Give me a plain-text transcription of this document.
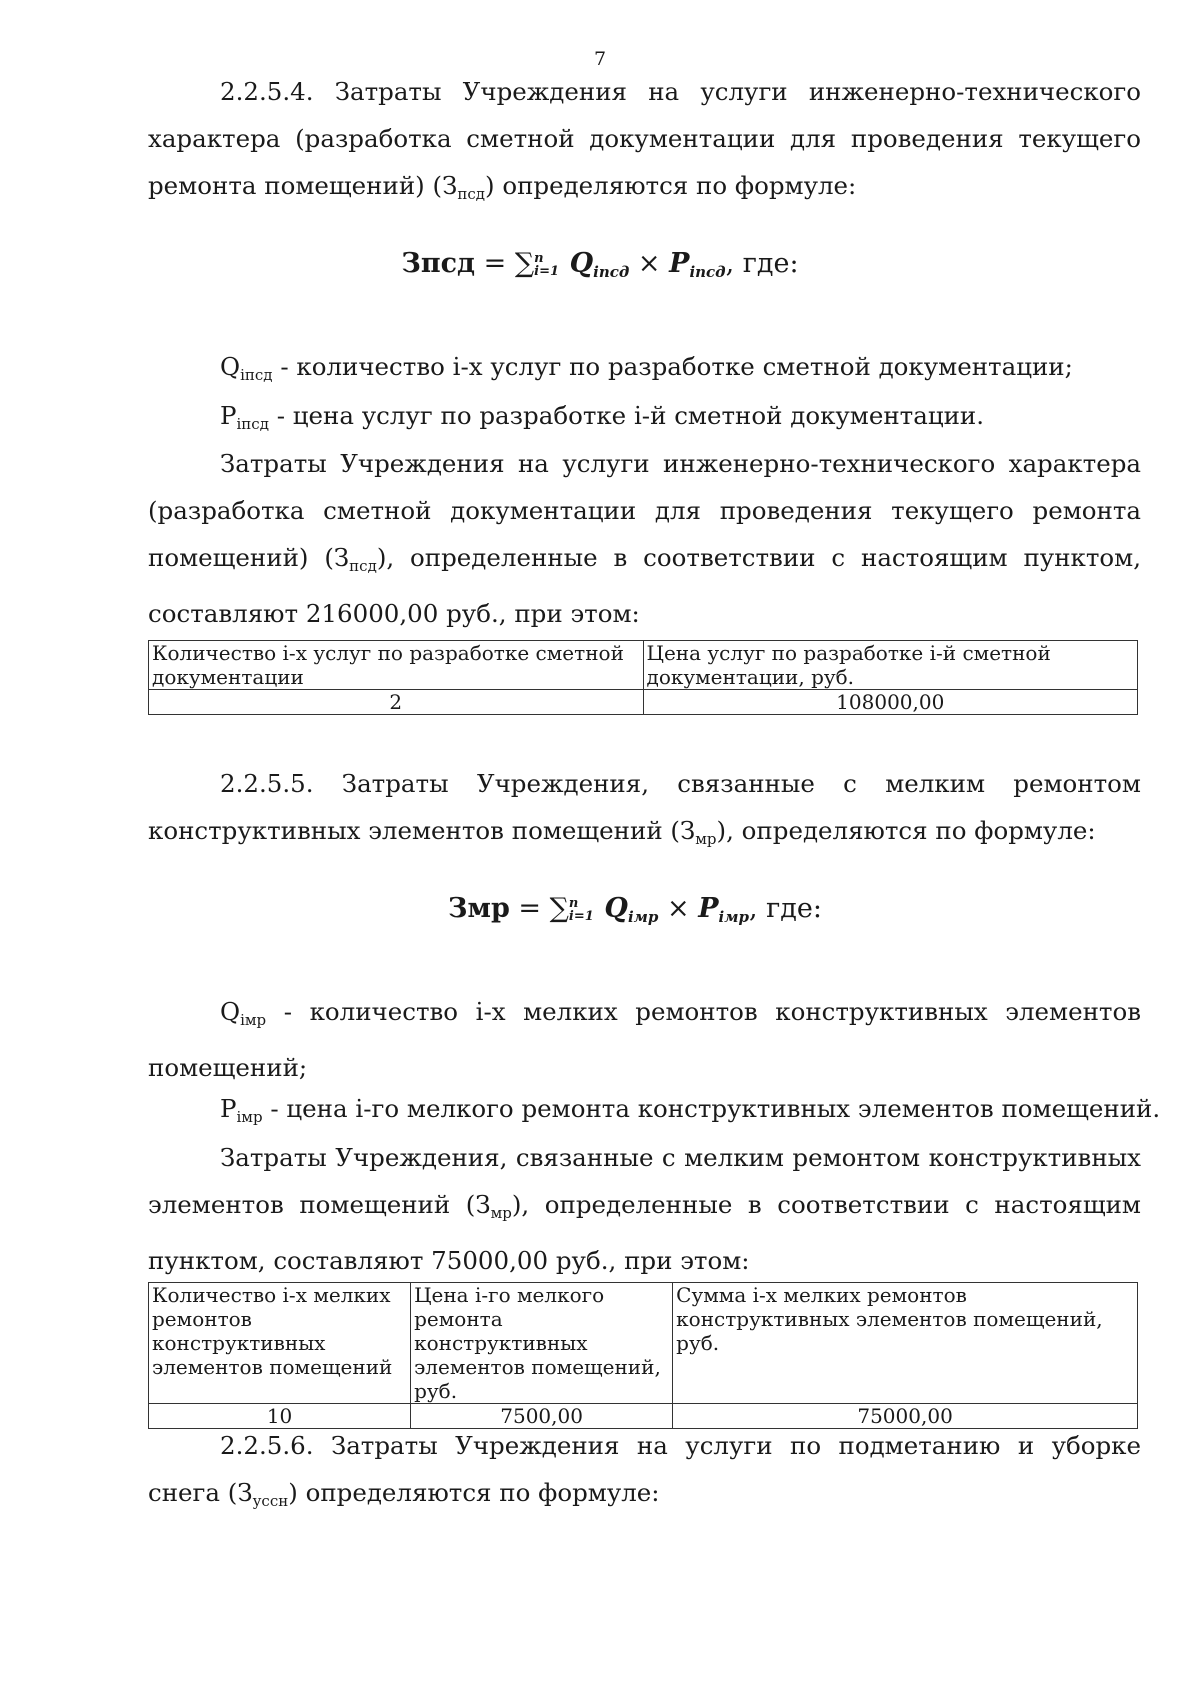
7

2.2.5.4. Затраты Учреждения на услуги инженерно-технического характера (разработка сметной документации для проведения текущего ремонта помещений) $(З_{псд})$ определяются по формуле:

Зпсд = ∑ n
i=1 $Q_{iпсд} \times P_{iпсд}$, где:
$Q_{iпсд}$ - количество i-х услуг по разработке сметной документации;
$P_{iпсд}$ - цена услуг по разработке i-й сметной документации.

Затраты Учреждения на услуги инженерно-технического характера (разработка сметной документации для проведения текущего ремонта помещений) $(З_{псд})$, определенные в соответствии с настоящим пунктом, составляют 216000,00 руб., при этом:

Количество i-х услуг по разработке сметной документации	Цена услуг по разработке i-й сметной документации, руб.
2	108000,00

2.2.5.5. Затраты Учреждения, связанные с мелким ремонтом конструктивных элементов помещений $(З_{мр})$, определяются по формуле:

Змр = ∑ n
i=1 $Q_{iмр} \times P_{iмр}$, где:

$Q_{iмр}$ - количество i-х мелких ремонтов конструктивных элементов помещений;

$P_{iмр}$ - цена i-го мелкого ремонта конструктивных элементов помещений.

Затраты Учреждения, связанные с мелким ремонтом конструктивных элементов помещений $(З_{мр})$, определенные в соответствии с настоящим пунктом, составляют 75000,00 руб., при этом:

Количество i-х мелких ремонтов конструктивных элементов помещений	Цена i-го мелкого ремонта конструктивных элементов помещений, руб.	Сумма i-х мелких ремонтов конструктивных элементов помещений, руб.
10	7500,00	75000,00

2.2.5.6. Затраты Учреждения на услуги по подметанию и уборке снега $(З_{уссн})$ определяются по формуле:
